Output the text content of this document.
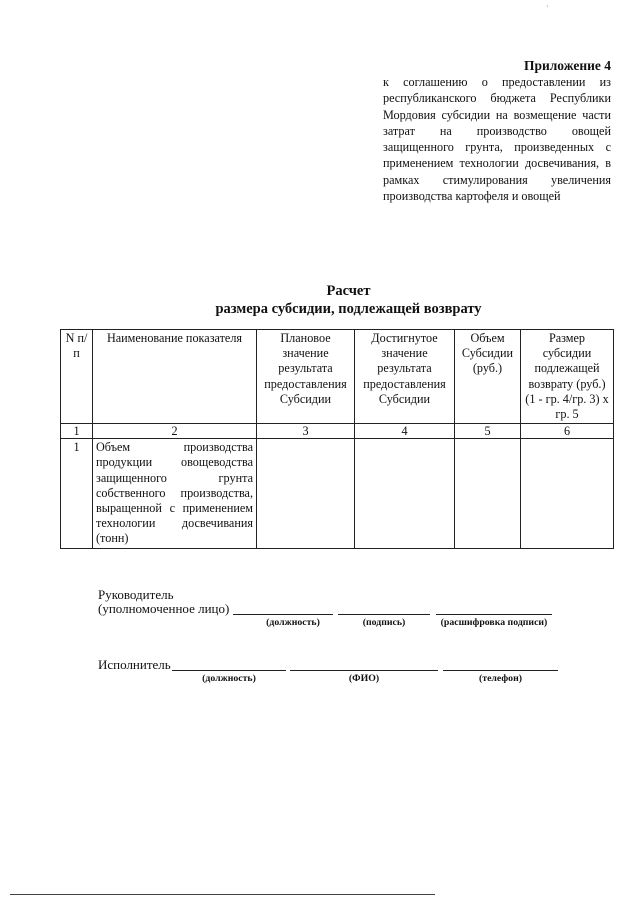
·
Приложение 4
к соглашению о предоставлении из республиканского бюджета Республики Мордовия субсидии на возмещение части затрат на производство овощей защищенного грунта, произведенных с применением технологии досвечивания, в рамках стимулирования увеличения производства картофеля и овощей
Расчет
размера субсидии, подлежащей возврату
N п/п	Наименование показателя	Плановое значение результата предоставления Субсидии	Достигнутое значение результата предоставления Субсидии	Объем Субсидии (руб.)	Размер субсидии подлежащей возврату (руб.) (1 - гр. 4/гр. 3) x гр. 5
1	2	3	4	5	6
1	Объем производства продукции овощеводства защищенного грунта собственного производства, выращенной с применением технологии досвечивания (тонн)				
Руководитель
(уполномоченное лицо)
(должность)	(подпись)	(расшифровка подписи)
Исполнитель
(должность)	(ФИО)	(телефон)
